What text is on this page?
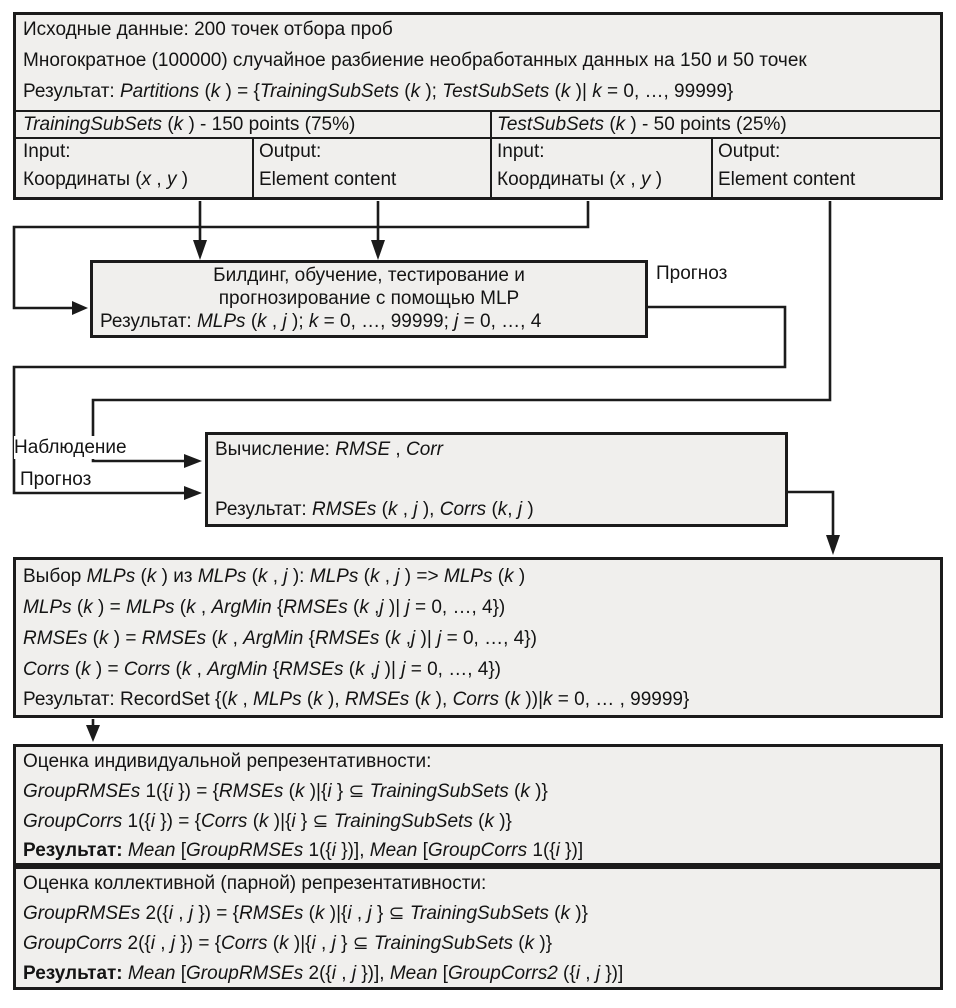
Исходные данные: 200 точек отбора проб
Многократное (100000) случайное разбиение необработанных данных на 150 и 50 точек
Результат: Partitions (k ) = {TrainingSubSets (k ); TestSubSets (k )| k = 0, …, 99999}
TrainingSubSets (k ) - 150 points (75%)	TestSubSets (k ) - 50 points (25%)
Input:
Координаты (x , y )
Output:
Element content
Input:
Координаты (x , y )
Output:
Element content
Билдинг, обучение, тестирование и
прогнозирование с помощью MLP
Результат: MLPs (k , j ); k = 0, …, 99999; j = 0, …, 4
Вычисление: RMSE , Corr
Результат: RMSEs (k , j ), Corrs (k, j )
Выбор MLPs (k ) из MLPs (k , j ): MLPs (k , j ) => MLPs (k )
MLPs (k ) = MLPs (k , ArgMin {RMSEs (k ,j )| j = 0, …, 4})
RMSEs (k ) = RMSEs (k , ArgMin {RMSEs (k ,j )| j = 0, …, 4})
Corrs (k ) = Corrs (k , ArgMin {RMSEs (k ,j )| j = 0, …, 4})
Результат: RecordSet {(k , MLPs (k ), RMSEs (k ), Corrs (k ))|k = 0, … , 99999}
Оценка индивидуальной репрезентативности:
GroupRMSEs 1({i }) = {RMSEs (k )|{i } ⊆ TrainingSubSets (k )}
GroupCorrs 1({i }) = {Corrs (k )|{i } ⊆ TrainingSubSets (k )}
Результат: Mean [GroupRMSEs 1({i })], Mean [GroupCorrs 1({i })]
Оценка коллективной (парной) репрезентативности:
GroupRMSEs 2({i , j }) = {RMSEs (k )|{i , j } ⊆ TrainingSubSets (k )}
GroupCorrs 2({i , j }) = {Corrs (k )|{i , j } ⊆ TrainingSubSets (k )}
Результат: Mean [GroupRMSEs 2({i , j })], Mean [GroupCorrs2 ({i , j })]
Прогноз
Наблюдение
Прогноз
